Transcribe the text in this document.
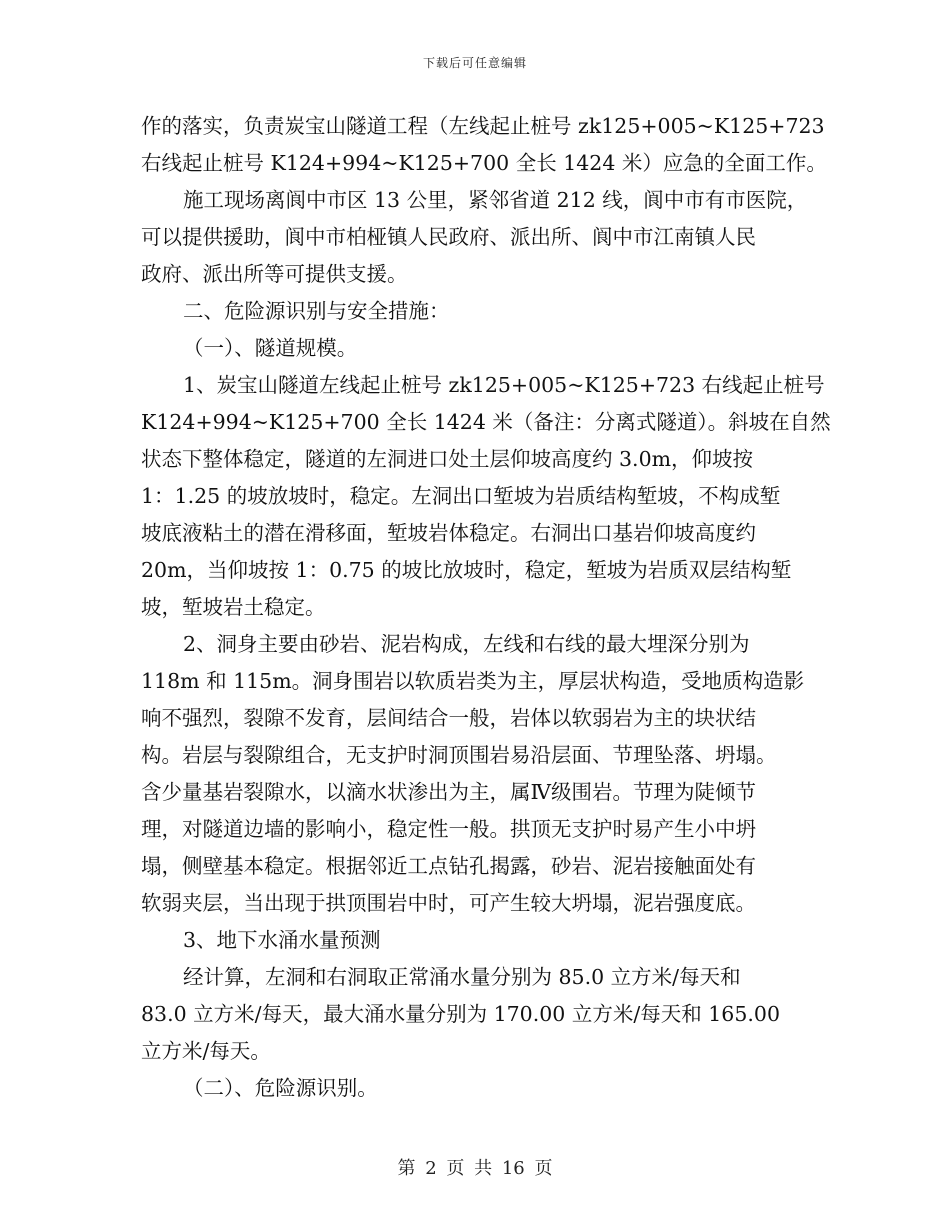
下载后可任意编辑
作的落实，负责炭宝山隧道工程（左线起止桩号 zk125+005~K125+723
右线起止桩号 K124+994~K125+700 全长 1424 米）应急的全面工作。
施工现场离阆中市区 13 公里，紧邻省道 212 线，阆中市有市医院，
可以提供援助，阆中市柏桠镇人民政府、派出所、阆中市江南镇人民
政府、派出所等可提供支援。
二、危险源识别与安全措施：
（一）、隧道规模。
1、炭宝山隧道左线起止桩号 zk125+005~K125+723 右线起止桩号
K124+994~K125+700 全长 1424 米（备注：分离式隧道）。斜坡在自然
状态下整体稳定，隧道的左洞进口处土层仰坡高度约 3.0m，仰坡按
1：1.25 的坡放坡时，稳定。左洞出口堑坡为岩质结构堑坡，不构成堑
坡底液粘土的潜在滑移面，堑坡岩体稳定。右洞出口基岩仰坡高度约
20m，当仰坡按 1：0.75 的坡比放坡时，稳定，堑坡为岩质双层结构堑
坡，堑坡岩土稳定。
2、洞身主要由砂岩、泥岩构成，左线和右线的最大埋深分别为
118m 和 115m。洞身围岩以软质岩类为主，厚层状构造，受地质构造影
响不强烈，裂隙不发育，层间结合一般，岩体以软弱岩为主的块状结
构。岩层与裂隙组合，无支护时洞顶围岩易沿层面、节理坠落、坍塌。
含少量基岩裂隙水，以滴水状渗出为主，属Ⅳ级围岩。节理为陡倾节
理，对隧道边墙的影响小，稳定性一般。拱顶无支护时易产生小中坍
塌，侧壁基本稳定。根据邻近工点钻孔揭露，砂岩、泥岩接触面处有
软弱夹层，当出现于拱顶围岩中时，可产生较大坍塌，泥岩强度底。
3、地下水涌水量预测
经计算，左洞和右洞取正常涌水量分别为 85.0 立方米/每天和
83.0 立方米/每天，最大涌水量分别为 170.00 立方米/每天和 165.00
立方米/每天。
（二）、危险源识别。
第 2 页 共 16 页
